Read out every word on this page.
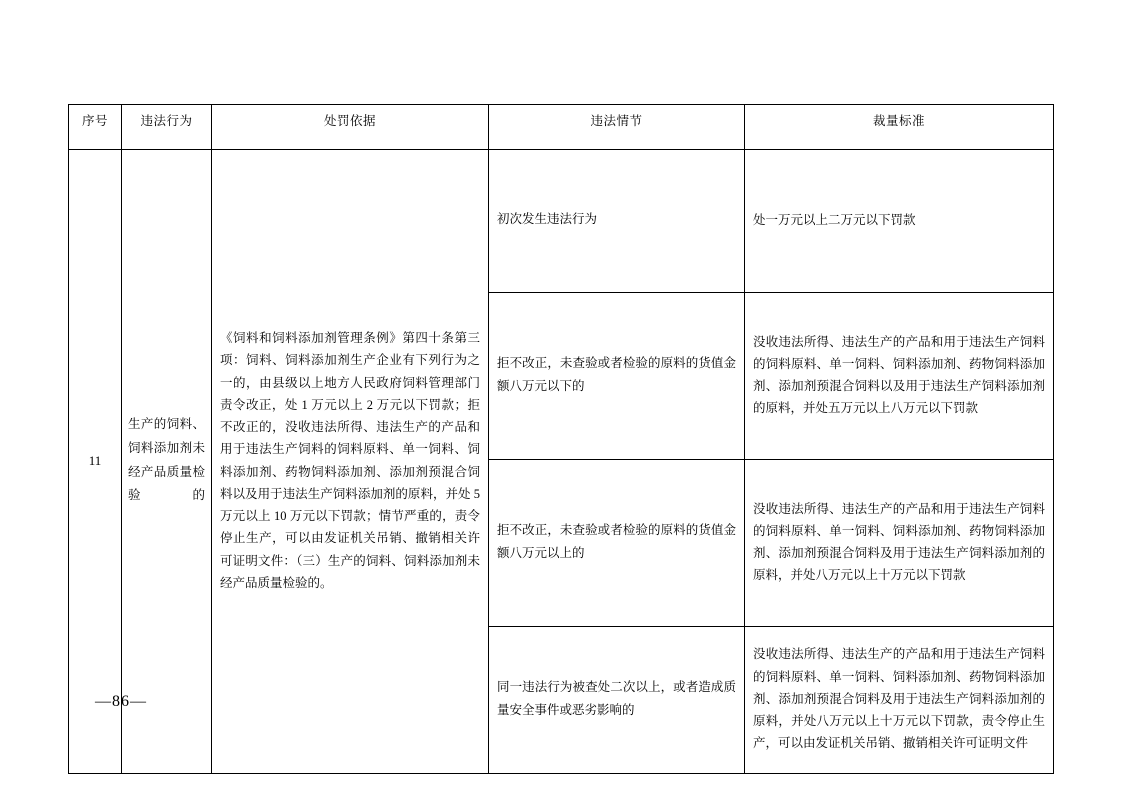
序号	违法行为	处罚依据	违法情节	裁量标准
11	生产的饲料、饲料添加剂未经产品质量检验的	《饲料和饲料添加剂管理条例》第四十条第三项：饲料、饲料添加剂生产企业有下列行为之一的，由县级以上地方人民政府饲料管理部门责令改正，处 1 万元以上 2 万元以下罚款；拒不改正的，没收违法所得、违法生产的产品和用于违法生产饲料的饲料原料、单一饲料、饲料添加剂、药物饲料添加剂、添加剂预混合饲料以及用于违法生产饲料添加剂的原料，并处 5 万元以上 10 万元以下罚款；情节严重的，责令停止生产，可以由发证机关吊销、撤销相关许可证明文件：（三）生产的饲料、饲料添加剂未经产品质量检验的。	初次发生违法行为	处一万元以上二万元以下罚款
			拒不改正，未查验或者检验的原料的货值金额八万元以下的	没收违法所得、违法生产的产品和用于违法生产饲料的饲料原料、单一饲料、饲料添加剂、药物饲料添加剂、添加剂预混合饲料以及用于违法生产饲料添加剂的原料，并处五万元以上八万元以下罚款
			拒不改正，未查验或者检验的原料的货值金额八万元以上的	没收违法所得、违法生产的产品和用于违法生产饲料的饲料原料、单一饲料、饲料添加剂、药物饲料添加剂、添加剂预混合饲料及用于违法生产饲料添加剂的原料，并处八万元以上十万元以下罚款
			同一违法行为被查处二次以上，或者造成质量安全事件或恶劣影响的	没收违法所得、违法生产的产品和用于违法生产饲料的饲料原料、单一饲料、饲料添加剂、药物饲料添加剂、添加剂预混合饲料及用于违法生产饲料添加剂的原料，并处八万元以上十万元以下罚款，责令停止生产，可以由发证机关吊销、撤销相关许可证明文件
—86—
